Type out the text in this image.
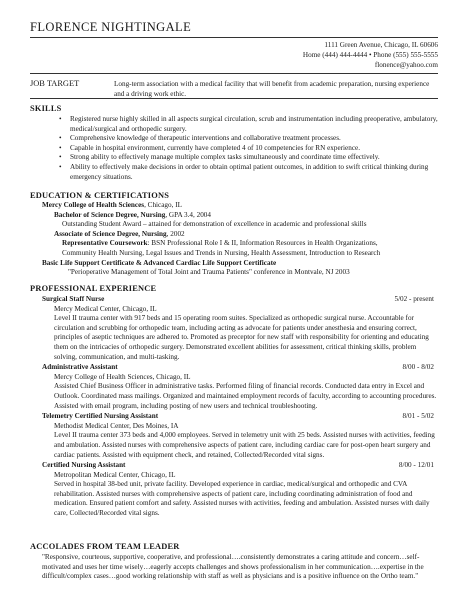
FLORENCE NIGHTINGALE
1111 Green Avenue, Chicago, IL 60606
Home (444) 444-4444 • Phone (555) 555-5555
flonence@yahoo.com
JOB TARGET	Long-term association with a medical facility that will benefit from academic preparation, nursing experience and a driving work ethic.
SKILLS
• Registered nurse highly skilled in all aspects surgical circulation, scrub and instrumentation including preoperative, ambulatory, medical/surgical and orthopedic surgery.
• Comprehensive knowledge of therapeutic interventions and collaborative treatment processes.
• Capable in hospital environment, currently have completed 4 of 10 competencies for RN experience.
• Strong ability to effectively manage multiple complex tasks simultaneously and coordinate time effectively.
• Ability to effectively make decisions in order to obtain optimal patient outcomes, in addition to swift critical thinking during emergency situations.
EDUCATION & CERTIFICATIONS
Mercy College of Health Sciences, Chicago, IL
Bachelor of Science Degree, Nursing, GPA 3.4, 2004
Outstanding Student Award – attained for demonstration of excellence in academic and professional skills
Associate of Science Degree, Nursing, 2002
Representative Coursework: BSN Professional Role I & II, Information Resources in Health Organizations,
Community Health Nursing, Legal Issues and Trends in Nursing, Health Assessment, Introduction to Research
Basic Life Support Certificate & Advanced Cardiac Life Support Certificate
"Perioperative Management of Total Joint and Trauma Patients" conference in Montvale, NJ 2003
PROFESSIONAL EXPERIENCE
Surgical Staff Nurse	5/02 - present
Mercy Medical Center, Chicago, IL
Level II trauma center with 917 beds and 15 operating room suites. Specialized as orthopedic surgical nurse. Accountable for circulation and scrubbing for orthopedic team, including acting as advocate for patients under anesthesia and ensuring correct, principles of aseptic techniques are adhered to. Promoted as preceptor for new staff with responsibility for orienting and educating them on the intricacies of orthopedic surgery. Demonstrated excellent abilities for assessment, critical thinking skills, problem solving, communication, and multi-tasking.
Administrative Assistant	8/00 - 8/02
Mercy College of Health Sciences, Chicago, IL
Assisted Chief Business Officer in administrative tasks. Performed filing of financial records. Conducted data entry in Excel and Outlook. Coordinated mass mailings. Organized and maintained employment records of faculty, according to accounting procedures. Assisted with email program, including posting of new users and technical troubleshooting.
Telemetry Certified Nursing Assistant	8/01 - 5/02
Methodist Medical Center, Des Moines, IA
Level II trauma center 373 beds and 4,000 employees. Served in telemetry unit with 25 beds. Assisted nurses with activities, feeding and ambulation. Assisted nurses with comprehensive aspects of patient care, including cardiac care for post-open heart surgery and cardiac patients. Assisted with equipment check, and retained, Collected/Recorded vital signs.
Certified Nursing Assistant	8/00 - 12/01
Metropolitan Medical Center, Chicago, IL
Served in hospital 38-bed unit, private facility. Developed experience in cardiac, medical/surgical and orthopedic and CVA rehabilitation. Assisted nurses with comprehensive aspects of patient care, including coordinating administration of food and medication. Ensured patient comfort and safety. Assisted nurses with activities, feeding and ambulation. Assisted nurses with daily care, Collected/Recorded vital signs.
ACCOLADES FROM TEAM LEADER
"Responsive, courteous, supportive, cooperative, and professional….consistently demonstrates a caring attitude and concern…self-motivated and uses her time wisely…eagerly accepts challenges and shows professionalism in her communication….expertise in the difficult/complex cases…good working relationship with staff as well as physicians and is a positive influence on the Ortho team."
